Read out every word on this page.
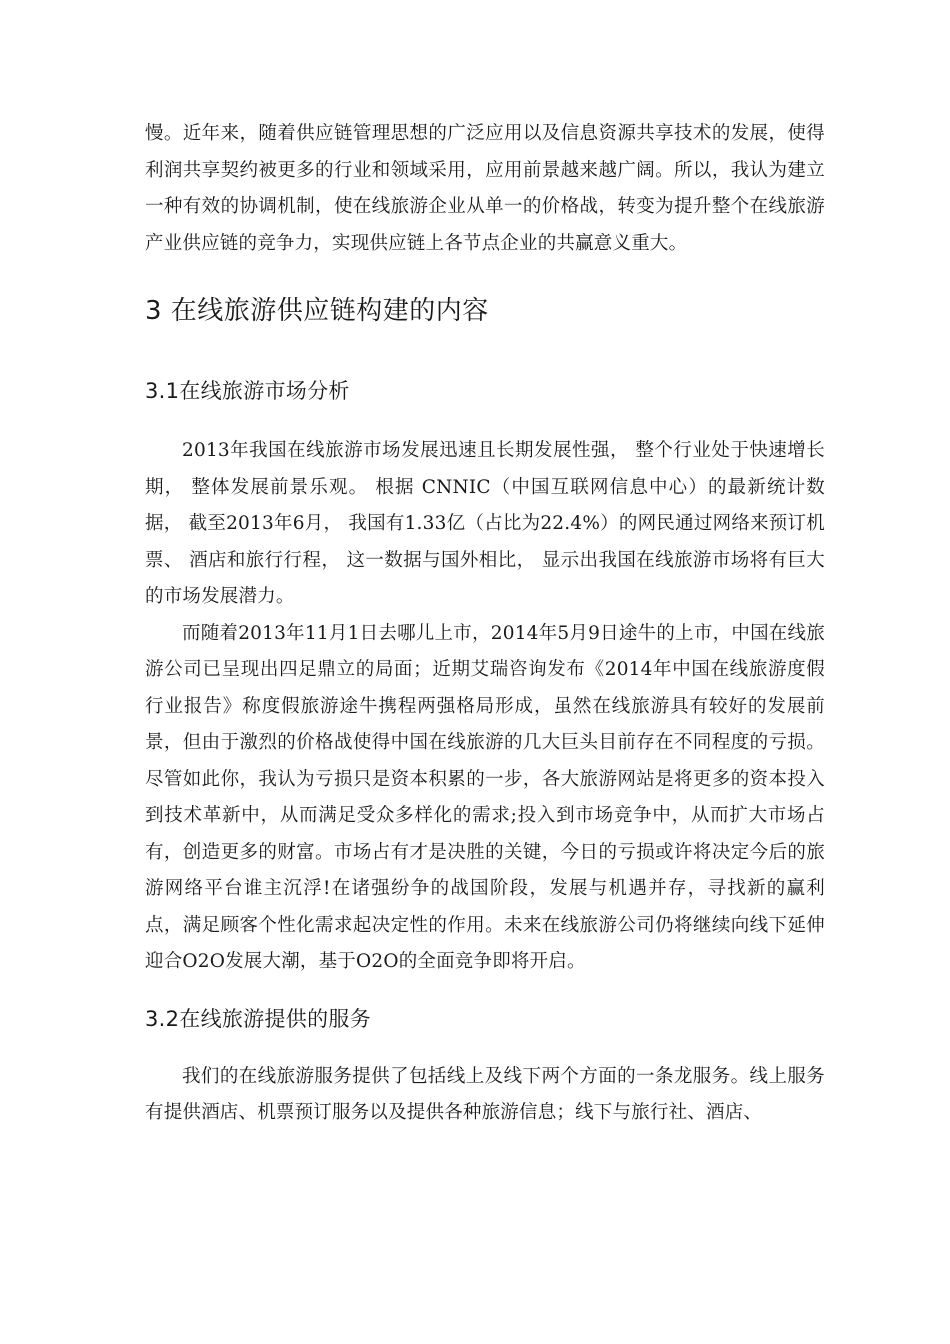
慢。近年来，随着供应链管理思想的广泛应用以及信息资源共享技术的发展，使得利润共享契约被更多的行业和领域采用，应用前景越来越广阔。所以，我认为建立一种有效的协调机制，使在线旅游企业从单一的价格战，转变为提升整个在线旅游产业供应链的竞争力，实现供应链上各节点企业的共赢意义重大。

3 在线旅游供应链构建的内容
3.1在线旅游市场分析

2013年我国在线旅游市场发展迅速且长期发展性强， 整个行业处于快速增长期， 整体发展前景乐观。 根据 CNNIC（中国互联网信息中心）的最新统计数据， 截至2013年6月， 我国有1.33亿（占比为22.4%）的网民通过网络来预订机票、 酒店和旅行行程， 这一数据与国外相比， 显示出我国在线旅游市场将有巨大的市场发展潜力。

而随着2013年11月1日去哪儿上市，2014年5月9日途牛的上市，中国在线旅游公司已呈现出四足鼎立的局面；近期艾瑞咨询发布《2014年中国在线旅游度假行业报告》称度假旅游途牛携程两强格局形成，虽然在线旅游具有较好的发展前景，但由于激烈的价格战使得中国在线旅游的几大巨头目前存在不同程度的亏损。尽管如此你，我认为亏损只是资本积累的一步，各大旅游网站是将更多的资本投入到技术革新中，从而满足受众多样化的需求;投入到市场竞争中，从而扩大市场占有，创造更多的财富。市场占有才是决胜的关键，今日的亏损或许将决定今后的旅游网络平台谁主沉浮!在诸强纷争的战国阶段，发展与机遇并存，寻找新的赢利点，满足顾客个性化需求起决定性的作用。未来在线旅游公司仍将继续向线下延伸迎合O2O发展大潮，基于O2O的全面竞争即将开启。

3.2在线旅游提供的服务

我们的在线旅游服务提供了包括线上及线下两个方面的一条龙服务。线上服务有提供酒店、机票预订服务以及提供各种旅游信息；线下与旅行社、酒店、
